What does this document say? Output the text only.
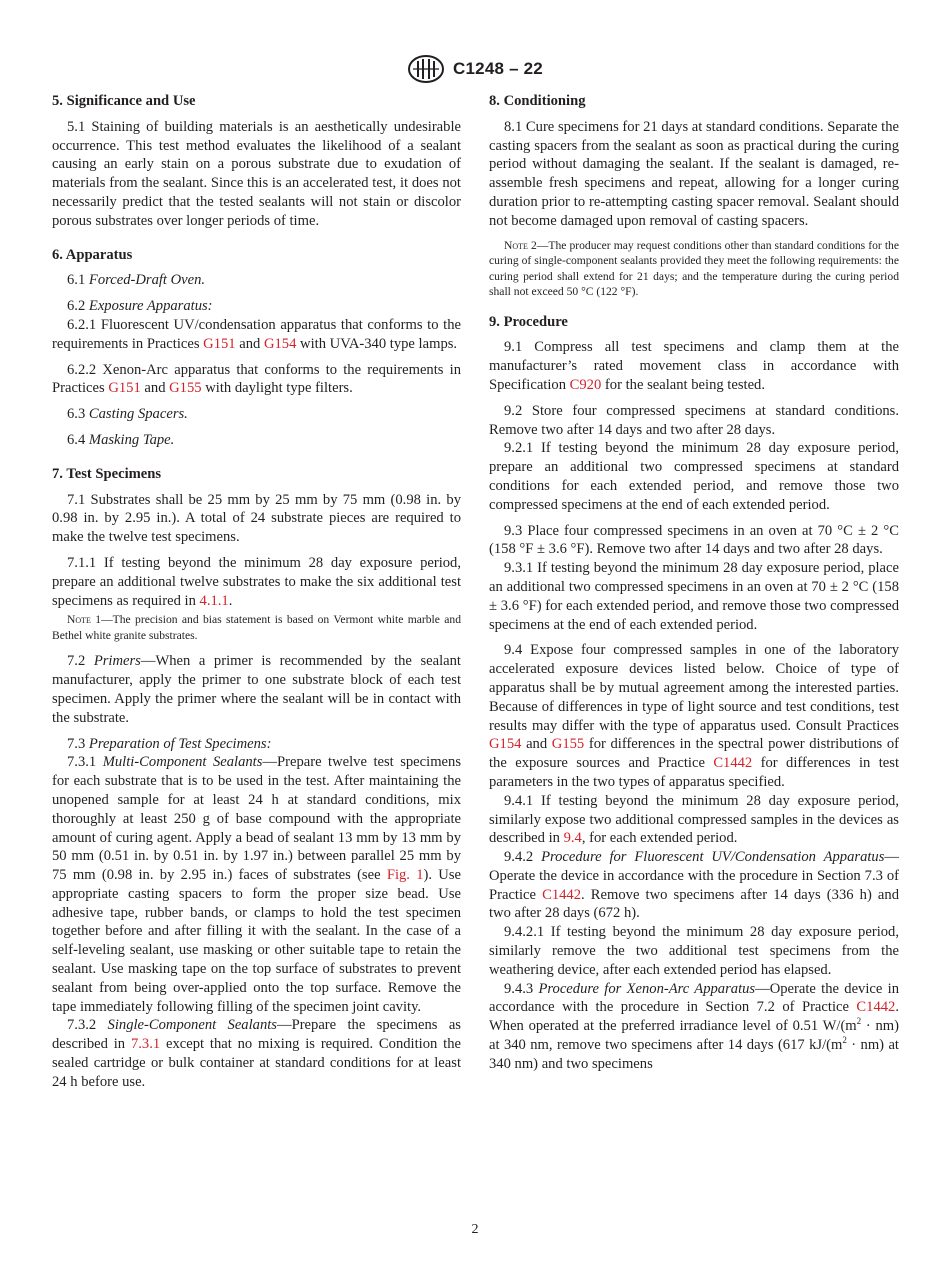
C1248 – 22
5. Significance and Use
5.1 Staining of building materials is an aesthetically undesirable occurrence. This test method evaluates the likelihood of a sealant causing an early stain on a porous substrate due to exudation of materials from the sealant. Since this is an accelerated test, it does not necessarily predict that the tested sealants will not stain or discolor porous substrates over longer periods of time.
6. Apparatus
6.1 Forced-Draft Oven.
6.2 Exposure Apparatus:
6.2.1 Fluorescent UV/condensation apparatus that conforms to the requirements in Practices G151 and G154 with UVA-340 type lamps.
6.2.2 Xenon-Arc apparatus that conforms to the requirements in Practices G151 and G155 with daylight type filters.
6.3 Casting Spacers.
6.4 Masking Tape.
7. Test Specimens
7.1 Substrates shall be 25 mm by 25 mm by 75 mm (0.98 in. by 0.98 in. by 2.95 in.). A total of 24 substrate pieces are required to make the twelve test specimens.
7.1.1 If testing beyond the minimum 28 day exposure period, prepare an additional twelve substrates to make the six additional test specimens as required in 4.1.1.
Note 1—The precision and bias statement is based on Vermont white marble and Bethel white granite substrates.
7.2 Primers—When a primer is recommended by the sealant manufacturer, apply the primer to one substrate block of each test specimen. Apply the primer where the sealant will be in contact with the substrate.
7.3 Preparation of Test Specimens:
7.3.1 Multi-Component Sealants—Prepare twelve test specimens for each substrate that is to be used in the test. After maintaining the unopened sample for at least 24 h at standard conditions, mix thoroughly at least 250 g of base compound with the appropriate amount of curing agent. Apply a bead of sealant 13 mm by 13 mm by 50 mm (0.51 in. by 0.51 in. by 1.97 in.) between parallel 25 mm by 75 mm (0.98 in. by 2.95 in.) faces of substrates (see Fig. 1). Use appropriate casting spacers to form the proper size bead. Use adhesive tape, rubber bands, or clamps to hold the test specimen together before and after filling it with the sealant. In the case of a self-leveling sealant, use masking or other suitable tape to retain the sealant. Use masking tape on the top surface of substrates to prevent sealant from being over-applied onto the top surface. Remove the tape immediately following filling of the specimen joint cavity.
7.3.2 Single-Component Sealants—Prepare the specimens as described in 7.3.1 except that no mixing is required. Condition the sealed cartridge or bulk container at standard conditions for at least 24 h before use.
8. Conditioning
8.1 Cure specimens for 21 days at standard conditions. Separate the casting spacers from the sealant as soon as practical during the curing period without damaging the sealant. If the sealant is damaged, re-assemble fresh specimens and repeat, allowing for a longer curing duration prior to re-attempting casting spacer removal. Sealant should not become damaged upon removal of casting spacers.
Note 2—The producer may request conditions other than standard conditions for the curing of single-component sealants provided they meet the following requirements: the curing period shall extend for 21 days; and the temperature during the curing period shall not exceed 50 °C (122 °F).
9. Procedure
9.1 Compress all test specimens and clamp them at the manufacturer’s rated movement class in accordance with Specification C920 for the sealant being tested.
9.2 Store four compressed specimens at standard conditions. Remove two after 14 days and two after 28 days.
9.2.1 If testing beyond the minimum 28 day exposure period, prepare an additional two compressed specimens at standard conditions for each extended period, and remove those two compressed specimens at the end of each extended period.
9.3 Place four compressed specimens in an oven at 70 °C ± 2 °C (158 °F ± 3.6 °F). Remove two after 14 days and two after 28 days.
9.3.1 If testing beyond the minimum 28 day exposure period, place an additional two compressed specimens in an oven at 70 ± 2 °C (158 ± 3.6 °F) for each extended period, and remove those two compressed specimens at the end of each extended period.
9.4 Expose four compressed samples in one of the laboratory accelerated exposure devices listed below. Choice of type of apparatus shall be by mutual agreement among the interested parties. Because of differences in type of light source and test conditions, test results may differ with the type of apparatus used. Consult Practices G154 and G155 for differences in the spectral power distributions of the exposure sources and Practice C1442 for differences in test parameters in the two types of apparatus specified.
9.4.1 If testing beyond the minimum 28 day exposure period, similarly expose two additional compressed samples in the devices as described in 9.4, for each extended period.
9.4.2 Procedure for Fluorescent UV/Condensation Apparatus—Operate the device in accordance with the procedure in Section 7.3 of Practice C1442. Remove two specimens after 14 days (336 h) and two after 28 days (672 h).
9.4.2.1 If testing beyond the minimum 28 day exposure period, similarly remove the two additional test specimens from the weathering device, after each extended period has elapsed.
9.4.3 Procedure for Xenon-Arc Apparatus—Operate the device in accordance with the procedure in Section 7.2 of Practice C1442. When operated at the preferred irradiance level of 0.51 $W/(m^2 \cdot nm)$ at 340 nm, remove two specimens after 14 days (617 $kJ/(m^2 \cdot nm)$ at 340 nm) and two specimens
2
